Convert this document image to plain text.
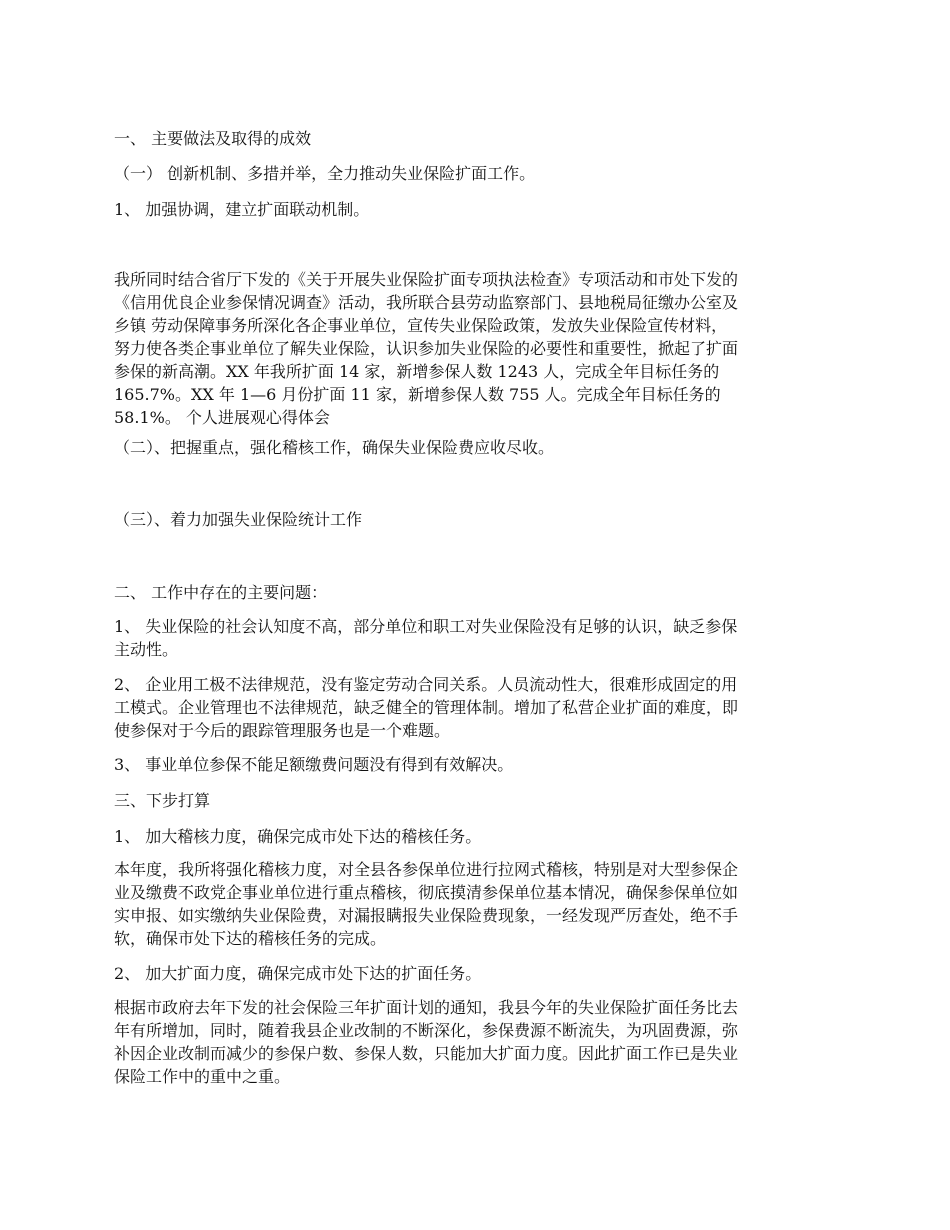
一、 主要做法及取得的成效

（一） 创新机制、多措并举，全力推动失业保险扩面工作。

1、 加强协调，建立扩面联动机制。

我所同时结合省厅下发的《关于开展失业保险扩面专项执法检查》专项活动和市处下发的
《信用优良企业参保情况调查》活动，我所联合县劳动监察部门、县地税局征缴办公室及
乡镇 劳动保障事务所深化各企事业单位，宣传失业保险政策，发放失业保险宣传材料，
努力使各类企事业单位了解失业保险，认识参加失业保险的必要性和重要性，掀起了扩面
参保的新高潮。XX 年我所扩面 14 家，新增参保人数 1243 人，完成全年目标任务的
165.7%。XX 年 1—6 月份扩面 11 家，新增参保人数 755 人。完成全年目标任务的
58.1%。 个人进展观心得体会

（二）、把握重点，强化稽核工作，确保失业保险费应收尽收。

（三）、着力加强失业保险统计工作

二、 工作中存在的主要问题：

1、 失业保险的社会认知度不高，部分单位和职工对失业保险没有足够的认识，缺乏参保
主动性。
2、 企业用工极不法律规范，没有鉴定劳动合同关系。人员流动性大，很难形成固定的用
工模式。企业管理也不法律规范，缺乏健全的管理体制。增加了私营企业扩面的难度，即
使参保对于今后的跟踪管理服务也是一个难题。

3、 事业单位参保不能足额缴费问题没有得到有效解决。

三、下步打算

1、 加大稽核力度，确保完成市处下达的稽核任务。

本年度，我所将强化稽核力度，对全县各参保单位进行拉网式稽核，特别是对大型参保企
业及缴费不政党企事业单位进行重点稽核，彻底摸清参保单位基本情况，确保参保单位如
实申报、如实缴纳失业保险费，对漏报瞒报失业保险费现象，一经发现严厉查处，绝不手
软，确保市处下达的稽核任务的完成。

2、 加大扩面力度，确保完成市处下达的扩面任务。

根据市政府去年下发的社会保险三年扩面计划的通知，我县今年的失业保险扩面任务比去
年有所增加，同时，随着我县企业改制的不断深化，参保费源不断流失，为巩固费源，弥
补因企业改制而减少的参保户数、参保人数，只能加大扩面力度。因此扩面工作已是失业
保险工作中的重中之重。
